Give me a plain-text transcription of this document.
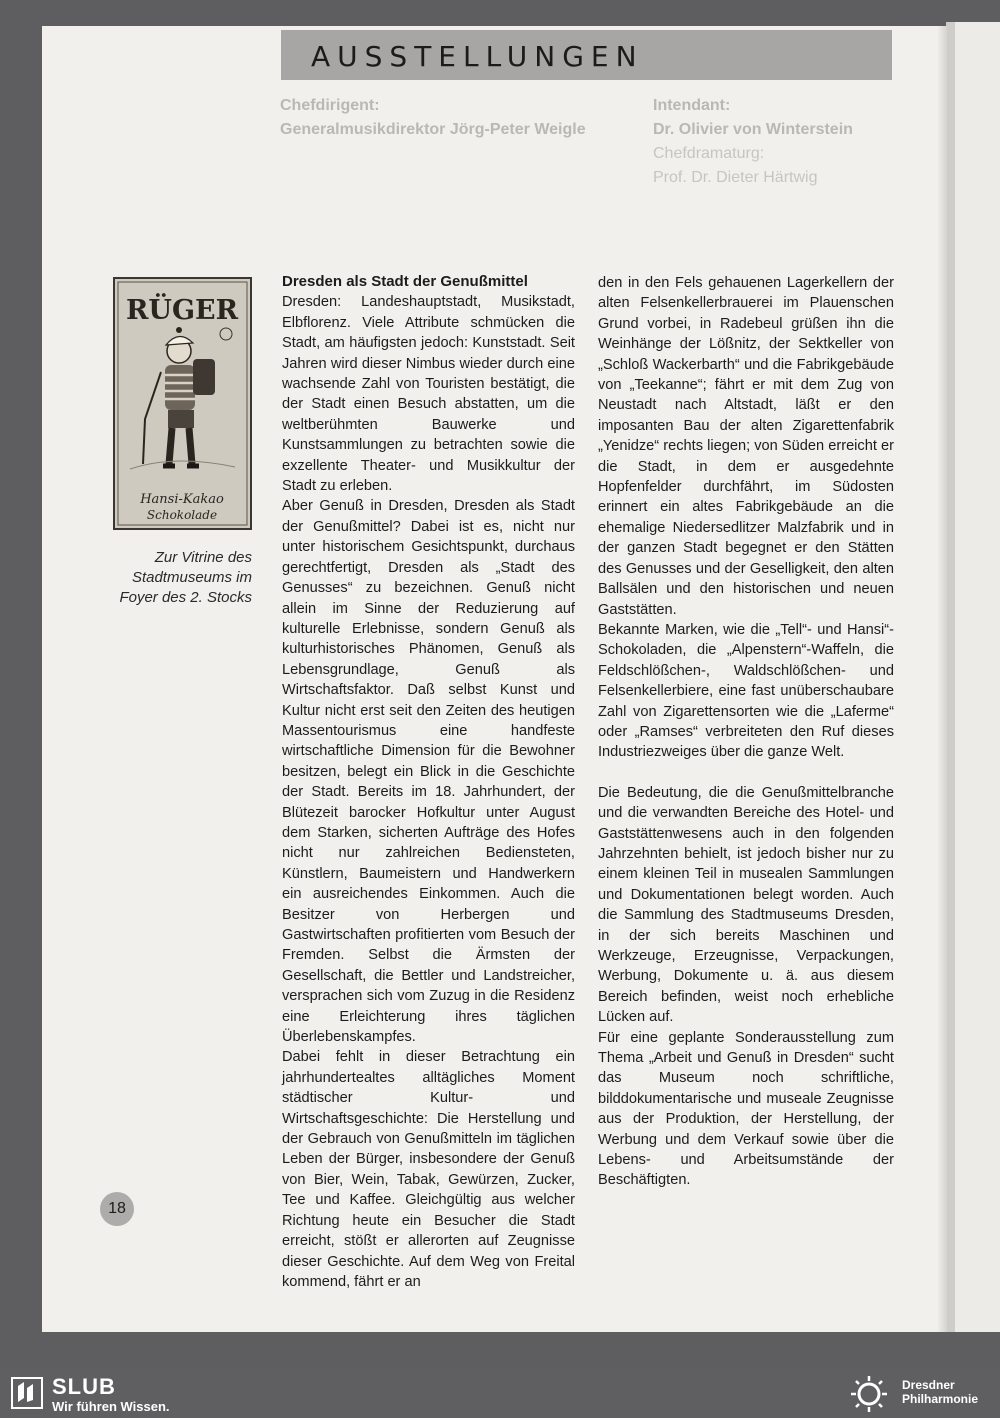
AUSSTELLUNGEN
Chefdirigent:
Generalmusikdirektor Jörg-Peter Weigle
Intendant:
Dr. Olivier von Winterstein
Chefdramaturg:
Prof. Dr. Dieter Härtwig
RÜGER
Hansi-Kakao
Schokolade

Zur Vitrine des Stadtmuseums im Foyer des 2. Stocks

Dresden als Stadt der Genußmittel

Dresden: Landeshauptstadt, Musikstadt, Elbflorenz. Viele Attribute schmücken die Stadt, am häufigsten jedoch: Kunststadt. Seit Jahren wird dieser Nimbus wieder durch eine wachsende Zahl von Touristen bestätigt, die der Stadt einen Besuch abstatten, um die weltberühmten Bauwerke und Kunstsammlungen zu betrachten sowie die exzellente Theater- und Musikkultur der Stadt zu erleben.

Aber Genuß in Dresden, Dresden als Stadt der Genußmittel? Dabei ist es, nicht nur unter historischem Gesichtspunkt, durchaus gerechtfertigt, Dresden als „Stadt des Genusses“ zu bezeichnen. Genuß nicht allein im Sinne der Reduzierung auf kulturelle Erlebnisse, sondern Genuß als kulturhistorisches Phänomen, Genuß als Lebensgrundlage, Genuß als Wirtschaftsfaktor. Daß selbst Kunst und Kultur nicht erst seit den Zeiten des heutigen Massentourismus eine handfeste wirtschaftliche Dimension für die Bewohner besitzen, belegt ein Blick in die Geschichte der Stadt. Bereits im 18. Jahrhundert, der Blütezeit barocker Hofkultur unter August dem Starken, sicherten Aufträge des Hofes nicht nur zahlreichen Bediensteten, Künstlern, Baumeistern und Handwerkern ein ausreichendes Einkommen. Auch die Besitzer von Herbergen und Gastwirtschaften profitierten vom Besuch der Fremden. Selbst die Ärmsten der Gesellschaft, die Bettler und Landstreicher, versprachen sich vom Zuzug in die Residenz eine Erleichterung ihres täglichen Überlebenskampfes.

Dabei fehlt in dieser Betrachtung ein jahrhundertealtes alltägliches Moment städtischer Kultur- und Wirtschaftsgeschichte: Die Herstellung und der Gebrauch von Genußmitteln im täglichen Leben der Bürger, insbesondere der Genuß von Bier, Wein, Tabak, Gewürzen, Zucker, Tee und Kaffee. Gleichgültig aus welcher Richtung heute ein Besucher die Stadt erreicht, stößt er allerorten auf Zeugnisse dieser Geschichte. Auf dem Weg von Freital kommend, fährt er an

den in den Fels gehauenen Lagerkellern der alten Felsenkellerbrauerei im Plauenschen Grund vorbei, in Radebeul grüßen ihn die Weinhänge der Lößnitz, der Sektkeller von „Schloß Wackerbarth“ und die Fabrikgebäude von „Teekanne“; fährt er mit dem Zug von Neustadt nach Altstadt, läßt er den imposanten Bau der alten Zigarettenfabrik „Yenidze“ rechts liegen; von Süden erreicht er die Stadt, in dem er ausgedehnte Hopfenfelder durchfährt, im Südosten erinnert ein altes Fabrikgebäude an die ehemalige Niedersedlitzer Malzfabrik und in der ganzen Stadt begegnet er den Stätten des Genusses und der Geselligkeit, den alten Ballsälen und den historischen und neuen Gaststätten.

Bekannte Marken, wie die „Tell“- und Hansi“-Schokoladen, die „Alpenstern“-Waffeln, die Feldschlößchen-, Waldschlößchen- und Felsenkellerbiere, eine fast unüberschaubare Zahl von Zigarettensorten wie die „Laferme“ oder „Ramses“ verbreiteten den Ruf dieses Industriezweiges über die ganze Welt.

Die Bedeutung, die die Genußmittelbranche und die verwandten Bereiche des Hotel- und Gaststättenwesens auch in den folgenden Jahrzehnten behielt, ist jedoch bisher nur zu einem kleinen Teil in musealen Sammlungen und Dokumentationen belegt worden. Auch die Sammlung des Stadtmuseums Dresden, in der sich bereits Maschinen und Werkzeuge, Erzeugnisse, Verpackungen, Werbung, Dokumente u. ä. aus diesem Bereich befinden, weist noch erhebliche Lücken auf.

Für eine geplante Sonderausstellung zum Thema „Arbeit und Genuß in Dresden“ sucht das Museum noch schriftliche, bilddokumentarische und museale Zeugnisse aus der Produktion, der Herstellung, der Werbung und dem Verkauf sowie über die Lebens- und Arbeitsumstände der Beschäftigten.

18
SLUB
Wir führen Wissen.
Dresdner
Philharmonie
